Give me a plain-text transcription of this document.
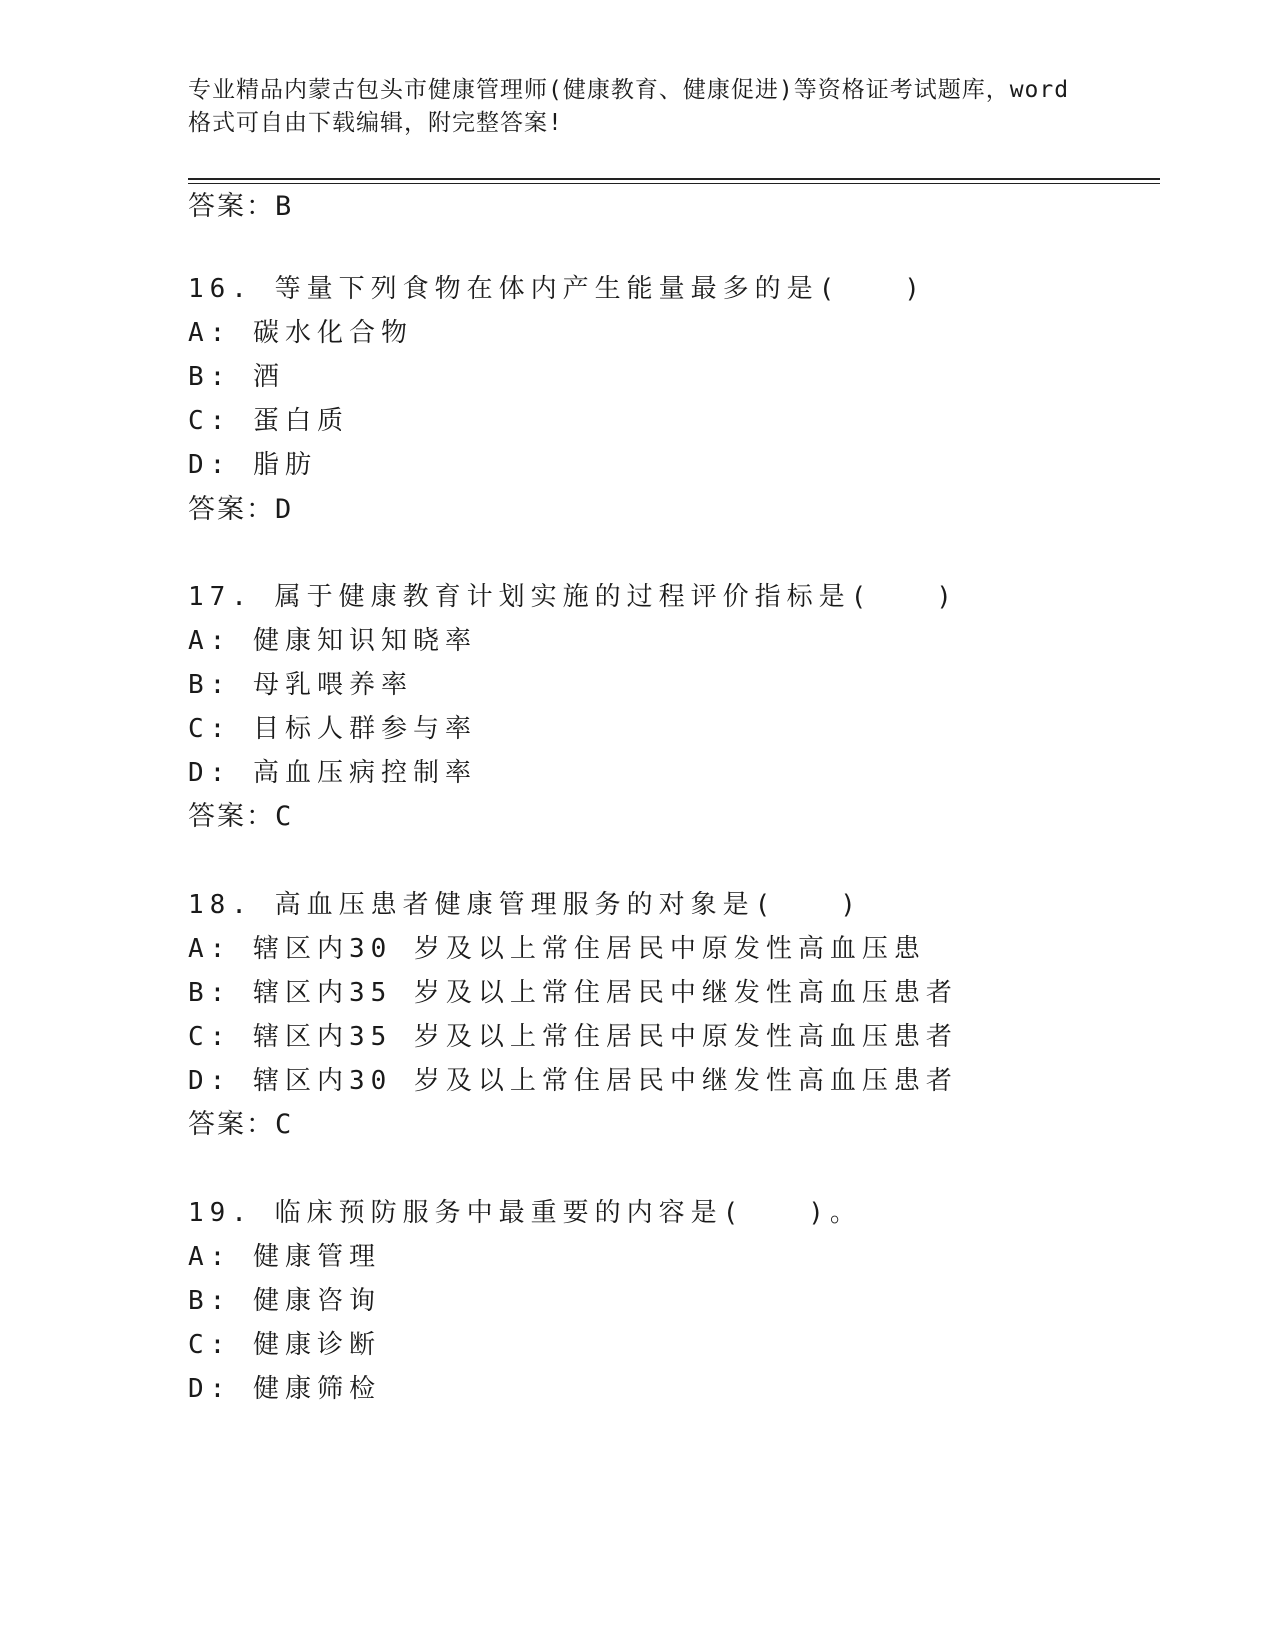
专业精品内蒙古包头市健康管理师(健康教育、健康促进)等资格证考试题库，word
格式可自由下载编辑，附完整答案!
答案：B
16. 等量下列食物在体内产生能量最多的是(　　)
A: 碳水化合物
B: 酒
C: 蛋白质
D: 脂肪
答案：D
17. 属于健康教育计划实施的过程评价指标是(　　)
A: 健康知识知晓率
B: 母乳喂养率
C: 目标人群参与率
D: 高血压病控制率
答案：C
18. 高血压患者健康管理服务的对象是(　　)
A: 辖区内30 岁及以上常住居民中原发性高血压患
B: 辖区内35 岁及以上常住居民中继发性高血压患者
C: 辖区内35 岁及以上常住居民中原发性高血压患者
D: 辖区内30 岁及以上常住居民中继发性高血压患者
答案：C
19. 临床预防服务中最重要的内容是(　　)。
A: 健康管理
B: 健康咨询
C: 健康诊断
D: 健康筛检
